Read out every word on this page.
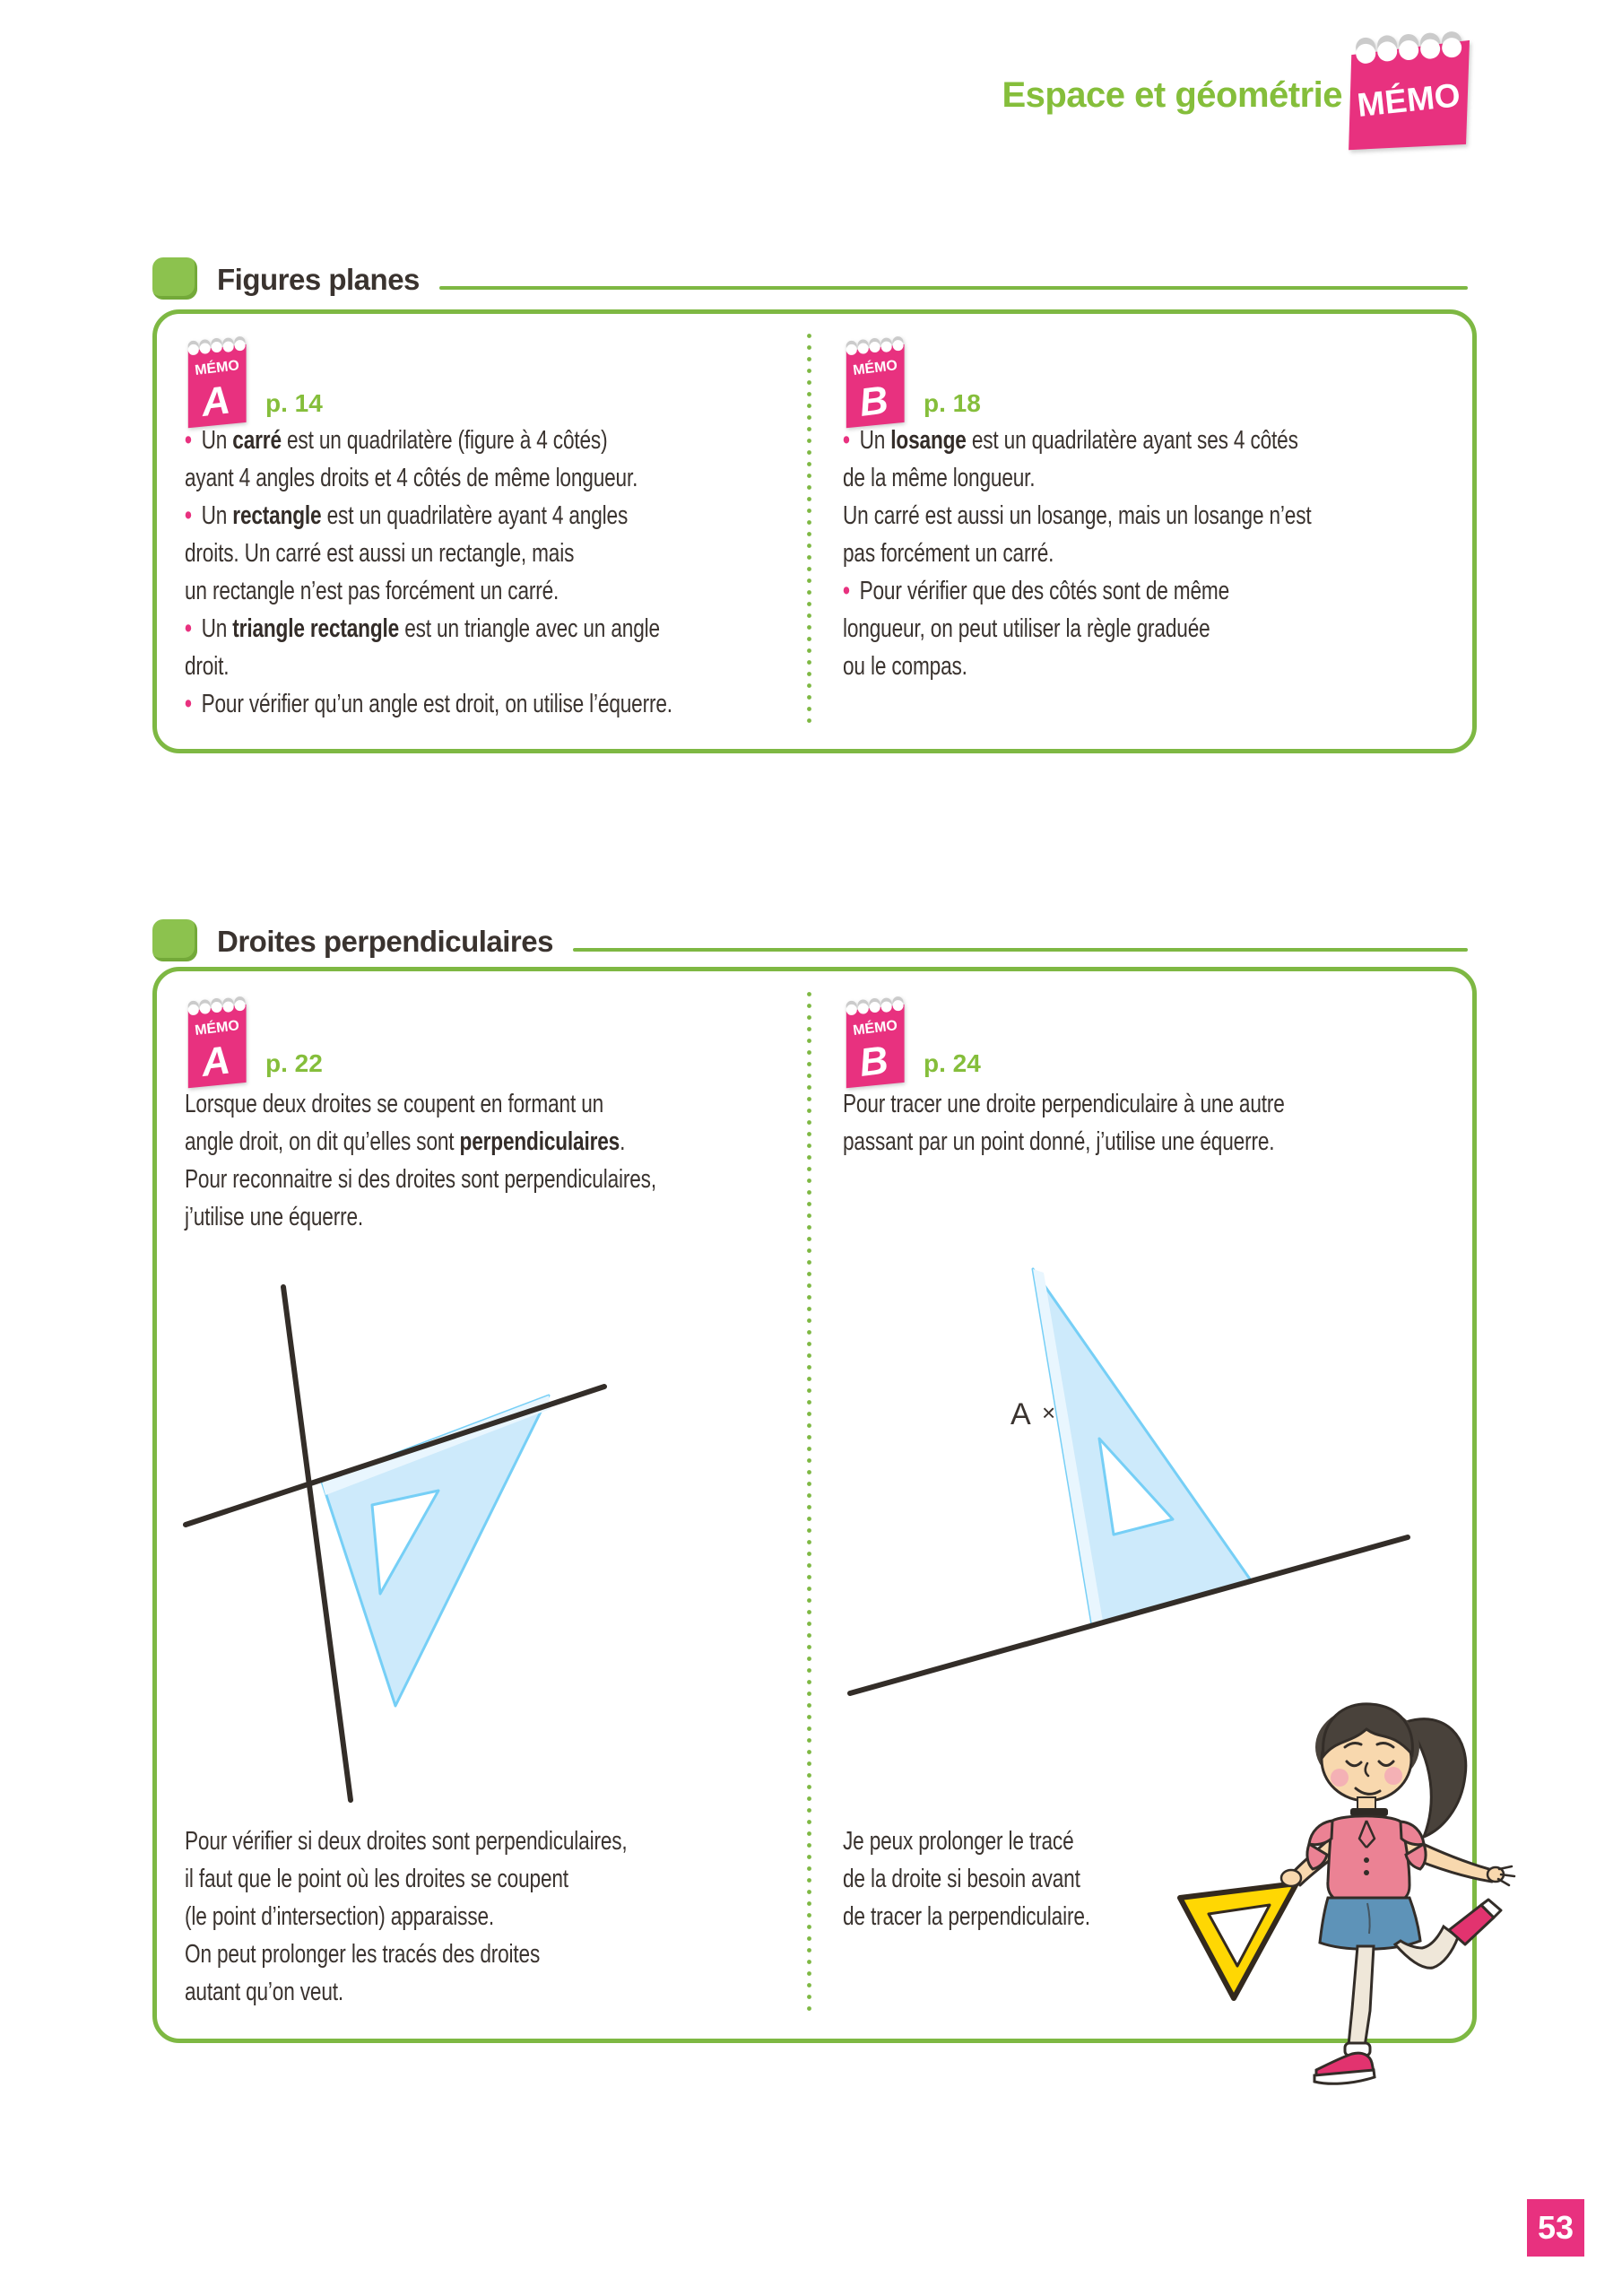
Espace et géométrie MÉMO
Figures planes
MÉMO
A p. 14
• Un carré est un quadrilatère (figure à 4 côtés)
ayant 4 angles droits et 4 côtés de même longueur.
• Un rectangle est un quadrilatère ayant 4 angles
droits. Un carré est aussi un rectangle, mais
un rectangle n’est pas forcément un carré.
• Un triangle rectangle est un triangle avec un angle
droit.
• Pour vérifier qu’un angle est droit, on utilise l’équerre.
MÉMO
B p. 18
• Un losange est un quadrilatère ayant ses 4 côtés
de la même longueur.
Un carré est aussi un losange, mais un losange n’est
pas forcément un carré.
• Pour vérifier que des côtés sont de même
longueur, on peut utiliser la règle graduée
ou le compas.
Droites perpendiculaires
MÉMO
A p. 22
Lorsque deux droites se coupent en formant un
angle droit, on dit qu’elles sont perpendiculaires.
Pour reconnaitre si des droites sont perpendiculaires,
j’utilise une équerre.
MÉMO
B p. 24
Pour tracer une droite perpendiculaire à une autre
passant par un point donné, j’utilise une équerre.
A ×
Pour vérifier si deux droites sont perpendiculaires,
il faut que le point où les droites se coupent
(le point d’intersection) apparaisse.
On peut prolonger les tracés des droites
autant qu’on veut.
Je peux prolonger le tracé
de la droite si besoin avant
de tracer la perpendiculaire.
53
